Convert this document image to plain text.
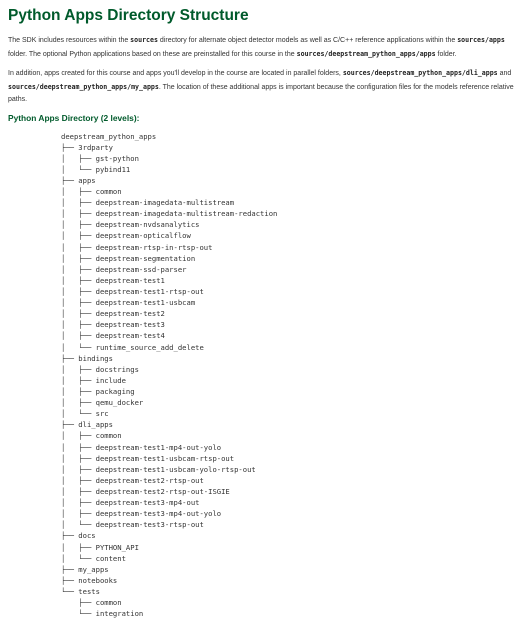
Python Apps Directory Structure

The SDK includes resources within the sources directory for alternate object detector models as well as C/C++ reference applications within the sources/apps folder. The optional Python applications based on these are preinstalled for this course in the sources/deepstream_python_apps/apps folder.

In addition, apps created for this course and apps you'll develop in the course are located in parallel folders, sources/deepstream_python_apps/dli_apps and sources/deepstream_python_apps/my_apps. The location of these additional apps is important because the configuration files for the models reference relative paths.

Python Apps Directory (2 levels):
deepstream_python_apps
├── 3rdparty
│   ├── gst-python
│   └── pybind11
├── apps
│   ├── common
│   ├── deepstream-imagedata-multistream
│   ├── deepstream-imagedata-multistream-redaction
│   ├── deepstream-nvdsanalytics
│   ├── deepstream-opticalflow
│   ├── deepstream-rtsp-in-rtsp-out
│   ├── deepstream-segmentation
│   ├── deepstream-ssd-parser
│   ├── deepstream-test1
│   ├── deepstream-test1-rtsp-out
│   ├── deepstream-test1-usbcam
│   ├── deepstream-test2
│   ├── deepstream-test3
│   ├── deepstream-test4
│   └── runtime_source_add_delete
├── bindings
│   ├── docstrings
│   ├── include
│   ├── packaging
│   ├── qemu_docker
│   └── src
├── dli_apps
│   ├── common
│   ├── deepstream-test1-mp4-out-yolo
│   ├── deepstream-test1-usbcam-rtsp-out
│   ├── deepstream-test1-usbcam-yolo-rtsp-out
│   ├── deepstream-test2-rtsp-out
│   ├── deepstream-test2-rtsp-out-ISGIE
│   ├── deepstream-test3-mp4-out
│   ├── deepstream-test3-mp4-out-yolo
│   └── deepstream-test3-rtsp-out
├── docs
│   ├── PYTHON_API
│   └── content
├── my_apps
├── notebooks
└── tests
├── common
└── integration
